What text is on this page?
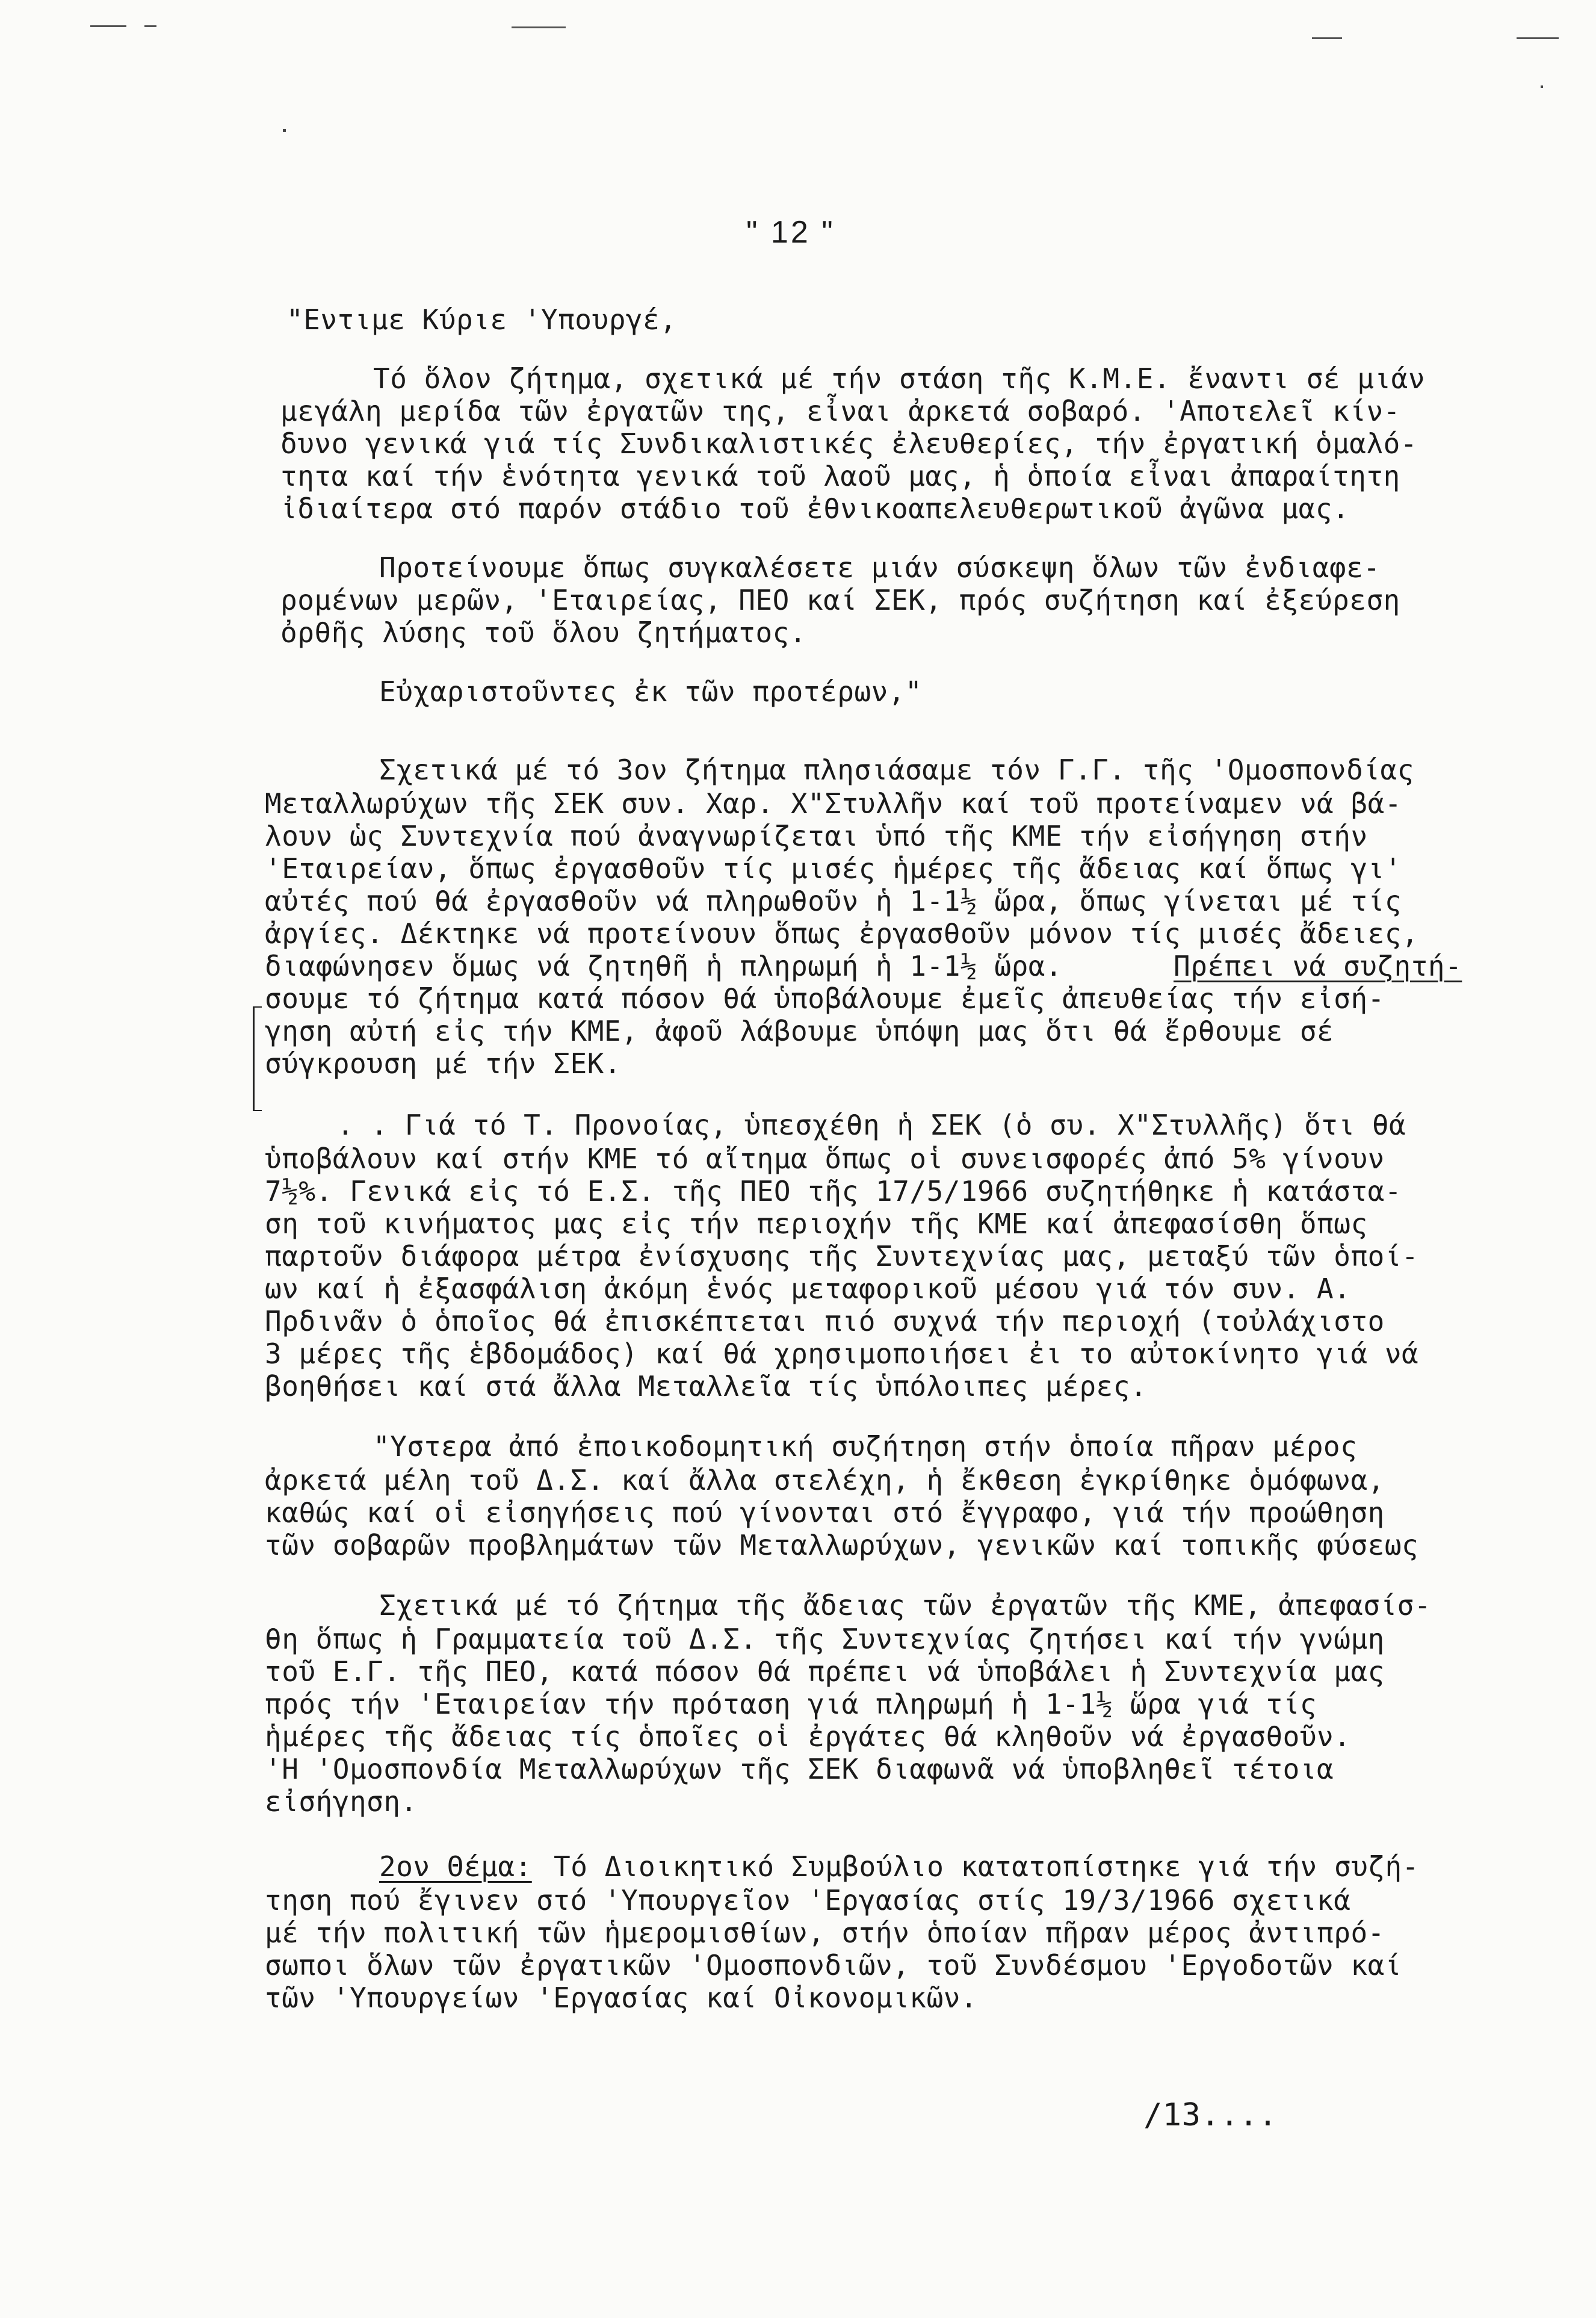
" 12 "
"Εντιμε Κύριε 'Υπουργέ,
Τό ὅλον ζήτημα, σχετικά μέ τήν στάση τῆς Κ.Μ.Ε. ἔναντι σέ μιάν
μεγάλη μερίδα τῶν ἐργατῶν της, εἶναι ἀρκετά σοβαρό. 'Αποτελεῖ κίν-
δυνο γενικά γιά τίς Συνδικαλιστικές ἐλευθερίες, τήν ἐργατική ὁμαλό-
τητα καί τήν ἑνότητα γενικά τοῦ λαοῦ μας, ἡ ὁποία εἶναι ἀπαραίτητη
ἰδιαίτερα στό παρόν στάδιο τοῦ ἐθνικοαπελευθερωτικοῦ ἀγῶνα μας.
Προτείνουμε ὅπως συγκαλέσετε μιάν σύσκεψη ὅλων τῶν ἐνδιαφε-
ρομένων μερῶν, 'Εταιρείας, ΠΕΟ καί ΣΕΚ, πρός συζήτηση καί ἐξεύρεση
ὀρθῆς λύσης τοῦ ὅλου ζητήματος.
Εὐχαριστοῦντες ἐκ τῶν προτέρων,"
Σχετικά μέ τό 3ον ζήτημα πλησιάσαμε τόν Γ.Γ. τῆς 'Ομοσπονδίας
Μεταλλωρύχων τῆς ΣΕΚ συν. Χαρ. Χ"Στυλλῆν καί τοῦ προτείναμεν νά βά-
λουν ὡς Συντεχνία πού ἀναγνωρίζεται ὑπό τῆς ΚΜΕ τήν εἰσήγηση στήν
'Εταιρείαν, ὅπως ἐργασθοῦν τίς μισές ἡμέρες τῆς ἄδειας καί ὅπως γι'
αὐτές πού θά ἐργασθοῦν νά πληρωθοῦν ἡ 1-1½ ὥρα, ὅπως γίνεται μέ τίς
ἀργίες. Δέκτηκε νά προτείνουν ὅπως ἐργασθοῦν μόνον τίς μισές ἄδειες,
διαφώνησεν ὅμως νά ζητηθῆ ἡ πληρωμή ἡ 1-1½ ὥρα.	Πρέπει νά συζητή-
σουμε τό ζήτημα κατά πόσον θά ὑποβάλουμε ἐμεῖς ἀπευθείας τήν εἰσή-
γηση αὐτή εἰς τήν ΚΜΕ, ἀφοῦ λάβουμε ὑπόψη μας ὅτι θά ἔρθουμε σέ
σύγκρουση μέ τήν ΣΕΚ.
. . Γιά τό Τ. Προνοίας, ὑπεσχέθη ἡ ΣΕΚ (ὁ συ. Χ"Στυλλῆς) ὅτι θά
ὑποβάλουν καί στήν ΚΜΕ τό αἴτημα ὅπως οἱ συνεισφορές ἀπό 5% γίνουν
7½%. Γενικά εἰς τό Ε.Σ. τῆς ΠΕΟ τῆς 17/5/1966 συζητήθηκε ἡ κατάστα-
ση τοῦ κινήματος μας εἰς τήν περιοχήν τῆς ΚΜΕ καί ἀπεφασίσθη ὅπως
παρτοῦν διάφορα μέτρα ἐνίσχυσης τῆς Συντεχνίας μας, μεταξύ τῶν ὁποί-
ων καί ἡ ἐξασφάλιση ἀκόμη ἑνός μεταφορικοῦ μέσου γιά τόν συν. Α.
Πρδινᾶν ὁ ὁποῖος θά ἐπισκέπτεται πιό συχνά τήν περιοχή (τοὐλάχιστο
3 μέρες τῆς ἑβδομάδος) καί θά χρησιμοποιήσει ἐι το αὐτοκίνητο γιά νά
βοηθήσει καί στά ἄλλα Μεταλλεῖα τίς ὑπόλοιπες μέρες.
"Υστερα ἀπό ἐποικοδομητική συζήτηση στήν ὁποία πῆραν μέρος
ἀρκετά μέλη τοῦ Δ.Σ. καί ἄλλα στελέχη, ἡ ἔκθεση ἐγκρίθηκε ὁμόφωνα,
καθώς καί οἱ εἰσηγήσεις πού γίνονται στό ἔγγραφο, γιά τήν προώθηση
τῶν σοβαρῶν προβλημάτων τῶν Μεταλλωρύχων, γενικῶν καί τοπικῆς φύσεως
Σχετικά μέ τό ζήτημα τῆς ἄδειας τῶν ἐργατῶν τῆς ΚΜΕ, ἀπεφασίσ-
θη ὅπως ἡ Γραμματεία τοῦ Δ.Σ. τῆς Συντεχνίας ζητήσει καί τήν γνώμη
τοῦ Ε.Γ. τῆς ΠΕΟ, κατά πόσον θά πρέπει νά ὑποβάλει ἡ Συντεχνία μας
πρός τήν 'Εταιρείαν τήν πρόταση γιά πληρωμή ἡ 1-1½ ὥρα γιά τίς
ἡμέρες τῆς ἄδειας τίς ὁποῖες οἱ ἐργάτες θά κληθοῦν νά ἐργασθοῦν.
'Η 'Ομοσπονδία Μεταλλωρύχων τῆς ΣΕΚ διαφωνᾶ νά ὑποβληθεῖ τέτοια
εἰσήγηση.
2ον Θέμα: Τό Διοικητικό Συμβούλιο κατατοπίστηκε γιά τήν συζή-
τηση πού ἔγινεν στό 'Υπουργεῖον 'Εργασίας στίς 19/3/1966 σχετικά
μέ τήν πολιτική τῶν ἡμερομισθίων, στήν ὁποίαν πῆραν μέρος ἀντιπρό-
σωποι ὅλων τῶν ἐργατικῶν 'Ομοσπονδιῶν, τοῦ Συνδέσμου 'Εργοδοτῶν καί
τῶν 'Υπουργείων 'Εργασίας καί Οἰκονομικῶν.
/13....
